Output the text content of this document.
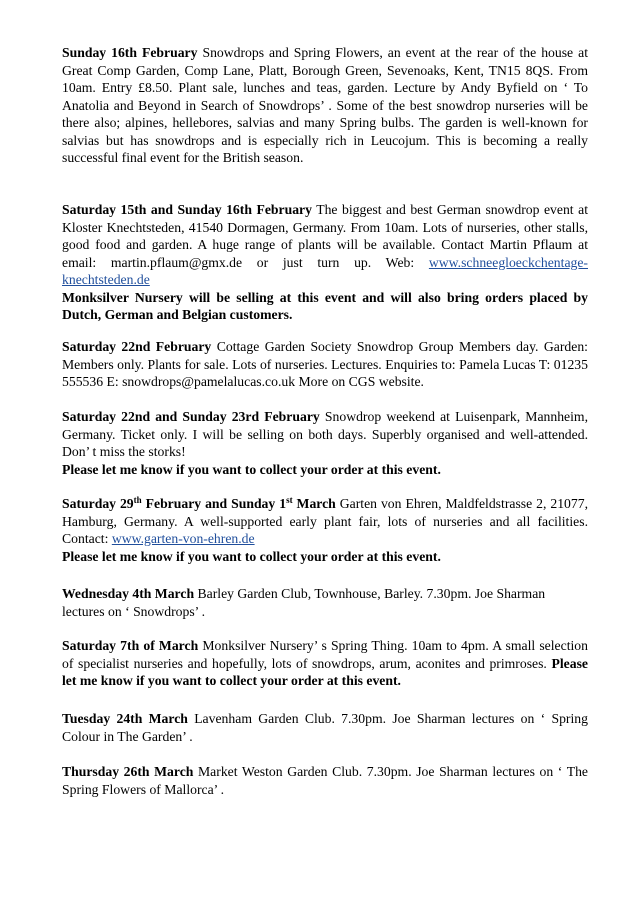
Sunday 16th February Snowdrops and Spring Flowers, an event at the rear of the house at Great Comp Garden, Comp Lane, Platt, Borough Green, Sevenoaks, Kent, TN15 8QS. From 10am. Entry £8.50. Plant sale, lunches and teas, garden. Lecture by Andy Byfield on ‘ To Anatolia and Beyond in Search of Snowdrops’ . Some of the best snowdrop nurseries will be there also; alpines, hellebores, salvias and many Spring bulbs. The garden is well-known for salvias but has snowdrops and is especially rich in Leucojum. This is becoming a really successful final event for the British season.

Saturday 15th and Sunday 16th February The biggest and best German snowdrop event at Kloster Knechtsteden, 41540 Dormagen, Germany. From 10am. Lots of nurseries, other stalls, good food and garden. A huge range of plants will be available. Contact Martin Pflaum at email: martin.pflaum@gmx.de or just turn up. Web: www.schneegloeckchentage-knechtsteden.de

Monksilver Nursery will be selling at this event and will also bring orders placed by Dutch, German and Belgian customers.

Saturday 22nd February Cottage Garden Society Snowdrop Group Members day. Garden: Members only. Plants for sale. Lots of nurseries. Lectures. Enquiries to: Pamela Lucas T: 01235 555536 E: snowdrops@pamelalucas.co.uk More on CGS website.

Saturday 22nd and Sunday 23rd February Snowdrop weekend at Luisenpark, Mannheim, Germany. Ticket only. I will be selling on both days. Superbly organised and well-attended. Don’ t miss the storks!

Please let me know if you want to collect your order at this event.

Saturday 29th February and Sunday 1st March Garten von Ehren, Maldfeldstrasse 2, 21077, Hamburg, Germany. A well-supported early plant fair, lots of nurseries and all facilities. Contact: www.garten-von-ehren.de

Please let me know if you want to collect your order at this event.

Wednesday 4th March Barley Garden Club, Townhouse, Barley. 7.30pm. Joe Sharman lectures on ‘ Snowdrops’ .

Saturday 7th of March Monksilver Nursery’ s Spring Thing. 10am to 4pm. A small selection of specialist nurseries and hopefully, lots of snowdrops, arum, aconites and primroses. Please let me know if you want to collect your order at this event.

Tuesday 24th March Lavenham Garden Club. 7.30pm. Joe Sharman lectures on ‘ Spring Colour in The Garden’ .

Thursday 26th March Market Weston Garden Club. 7.30pm. Joe Sharman lectures on ‘ The Spring Flowers of Mallorca’ .
